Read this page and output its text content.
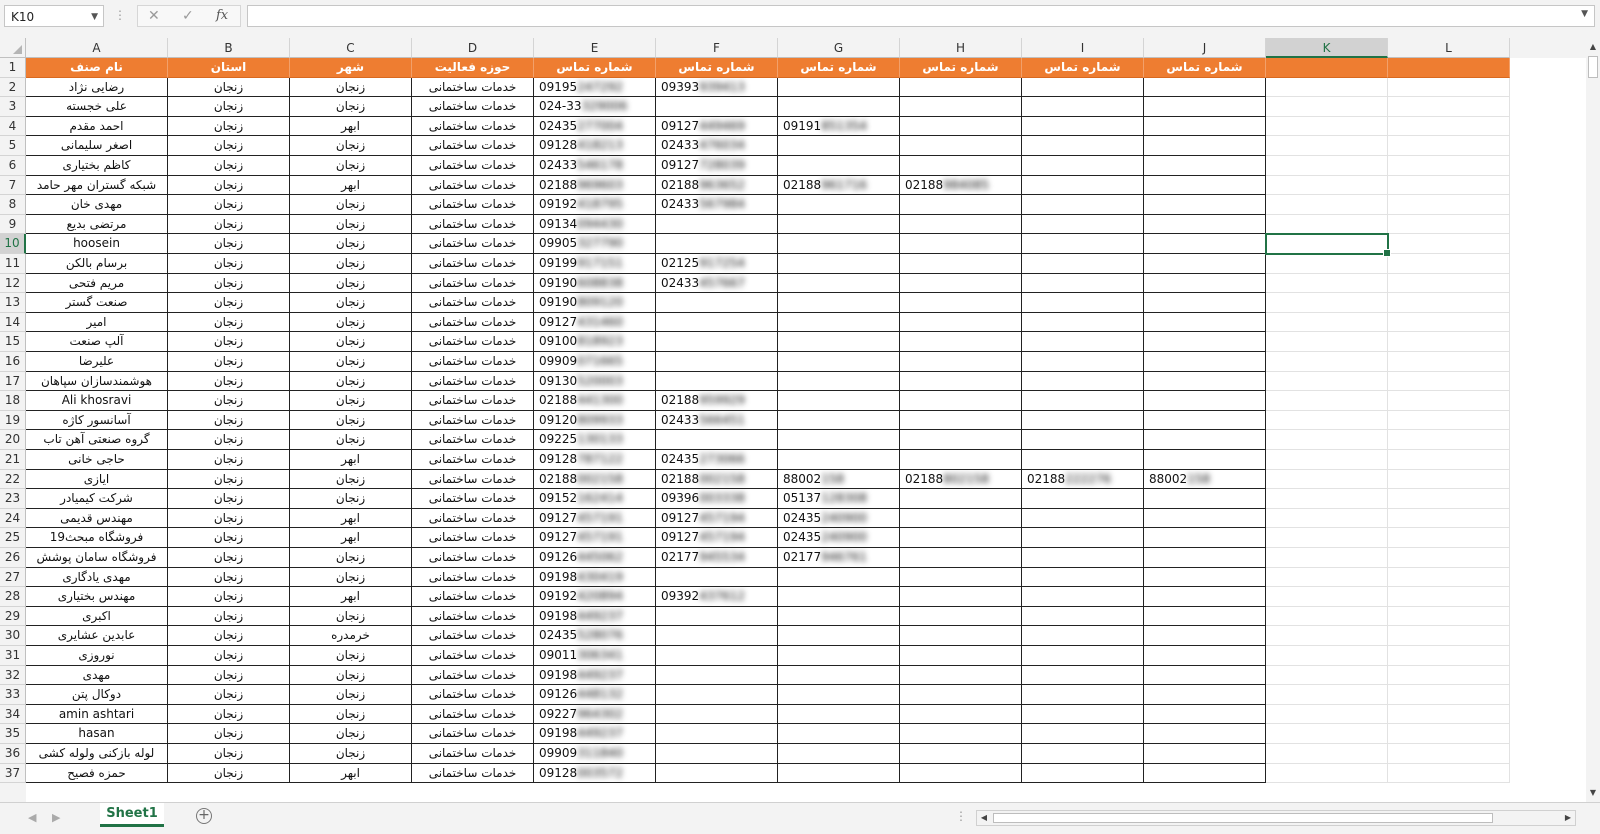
K10	▼ ⋮ ✕ ✓ fx	▼
A	B	C	D	E	F	G	H	I	J	K	L
1
2
3
4
5
6
7
8
9
10
11
12
13
14
15
16
17
18
19
20
21
22
23
24
25
26
27
28
29
30
31
32
33
34
35
36
37
نام صنف	استان	شهر	حوزه فعالیت	شماره تماس	شماره تماس	شماره تماس	شماره تماس	شماره تماس	شماره تماس
رضایی نژاد	زنجان	زنجان	خدمات ساختمانی	09195247292	09393939413
علی خجسته	زنجان	زنجان	خدمات ساختمانی	024-33329006
احمد مقدم	زنجان	ابهر	خدمات ساختمانی	02435277004	09127449469	09191851354
اصغر سلیمانی	زنجان	زنجان	خدمات ساختمانی	09128418213	02433476034
کاظم بختیاری	زنجان	زنجان	خدمات ساختمانی	02433546178	09127728039
شبکه گستران مهر حامد	زنجان	ابهر	خدمات ساختمانی	02188969603	02188963652	02188961716	02188984085
مهدی خان	زنجان	زنجان	خدمات ساختمانی	09192418795	02433567984
مرتضی بدیع	زنجان	زنجان	خدمات ساختمانی	09134094430
hoosein	زنجان	زنجان	خدمات ساختمانی	09905327790
برسام بالکن	زنجان	زنجان	خدمات ساختمانی	09199917151	02125917254
مریم فتحی	زنجان	زنجان	خدمات ساختمانی	09190608838	02433457667
صنعت گستر	زنجان	زنجان	خدمات ساختمانی	09190809120
امیر	زنجان	زنجان	خدمات ساختمانی	09127431460
آلپ صنعت	زنجان	زنجان	خدمات ساختمانی	09100818923
علیرضا	زنجان	زنجان	خدمات ساختمانی	09909071665
هوشمندسازان سپاهان	زنجان	زنجان	خدمات ساختمانی	09130520003
Ali khosravi	زنجان	زنجان	خدمات ساختمانی	02188441300	02188959929
آسانسور کاژه	زنجان	زنجان	خدمات ساختمانی	09120809933	02433566451
گروه صنعتی آهن تاب	زنجان	زنجان	خدمات ساختمانی	09225130133
حاجی خانی	زنجان	ابهر	خدمات ساختمانی	09128787122	02435273066
ایازی	زنجان	زنجان	خدمات ساختمانی	02188002158	02188002158	88002158	02188802158	02188222276	88002158
شرکت کیمیادر	زنجان	زنجان	خدمات ساختمانی	09152162414	09396003338	05137128308
مهندس قدیمی	زنجان	ابهر	خدمات ساختمانی	09127457191	09127457194	02435240900
فروشگاه مبحث19	زنجان	ابهر	خدمات ساختمانی	09127457191	09127457194	02435240900
فروشگاه سامان پوشش	زنجان	زنجان	خدمات ساختمانی	09126445062	02177945534	02177946761
مهدی یادگاری	زنجان	زنجان	خدمات ساختمانی	09198430419
مهندس بختیاری	زنجان	ابهر	خدمات ساختمانی	09192420894	09392437612
اکبری	زنجان	زنجان	خدمات ساختمانی	09198449237
عابدین عشایری	زنجان	خرمدره	خدمات ساختمانی	02435528076
نوروزی	زنجان	زنجان	خدمات ساختمانی	09011306341
مهدی	زنجان	زنجان	خدمات ساختمانی	09198449237
دوکال پتن	زنجان	زنجان	خدمات ساختمانی	09126448132
amin ashtari	زنجان	زنجان	خدمات ساختمانی	09227964302
hasan	زنجان	زنجان	خدمات ساختمانی	09198449237
لوله بازکنی ولوله کشی	زنجان	زنجان	خدمات ساختمانی	09909311840
حمزه فصیح	زنجان	ابهر	خدمات ساختمانی	09128003572
▲
▼
◀ ▶	Sheet1	+	⋮	◀	▶
